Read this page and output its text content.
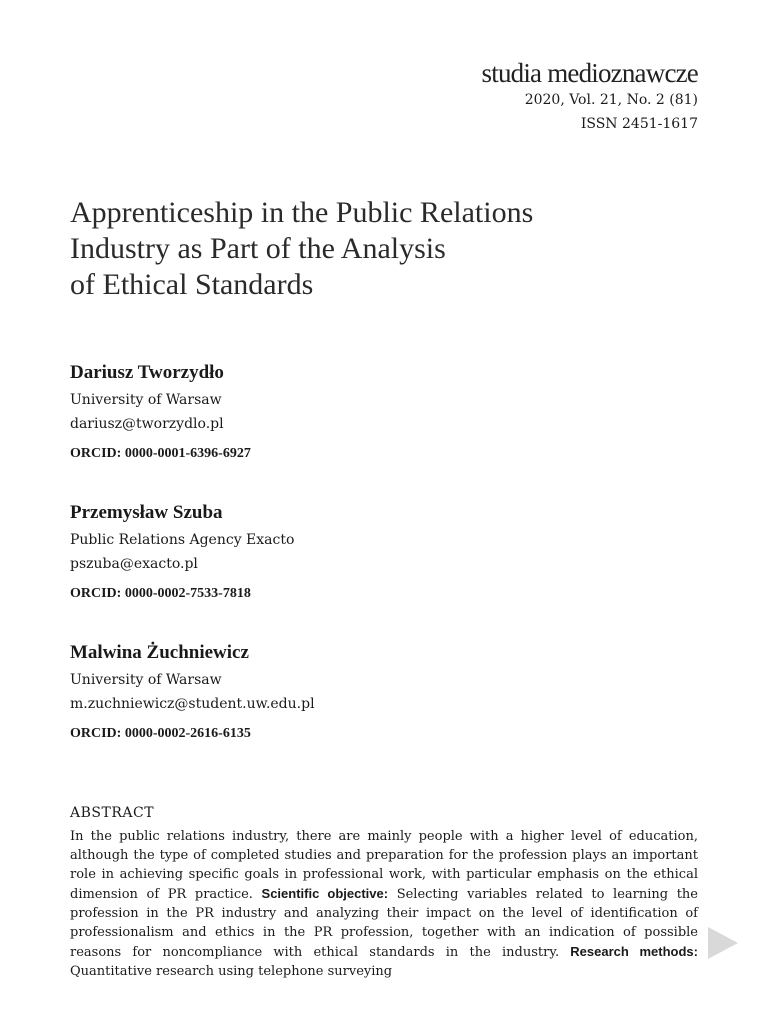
studia medioznawcze
2020, Vol. 21, No. 2 (81)
ISSN 2451-1617
Apprenticeship in the Public Relations
Industry as Part of the Analysis
of Ethical Standards
Dariusz Tworzydło
University of Warsaw
dariusz@tworzydlo.pl
ORCID: 0000-0001-6396-6927
Przemysław Szuba
Public Relations Agency Exacto
pszuba@exacto.pl
ORCID: 0000-0002-7533-7818
Malwina Żuchniewicz
University of Warsaw
m.zuchniewicz@student.uw.edu.pl
ORCID: 0000-0002-2616-6135
ABSTRACT
In the public relations industry, there are mainly people with a higher level of education, although the type of completed studies and preparation for the profession plays an important role in achieving specific goals in professional work, with particular emphasis on the ethical dimension of PR practice. Scientific objective: Selecting variables related to learning the profession in the PR industry and analyzing their impact on the level of identification of professionalism and ethics in the PR profession, together with an indication of possible reasons for noncompliance with ethical standards in the industry. Research methods: Quantitative research using telephone surveying
